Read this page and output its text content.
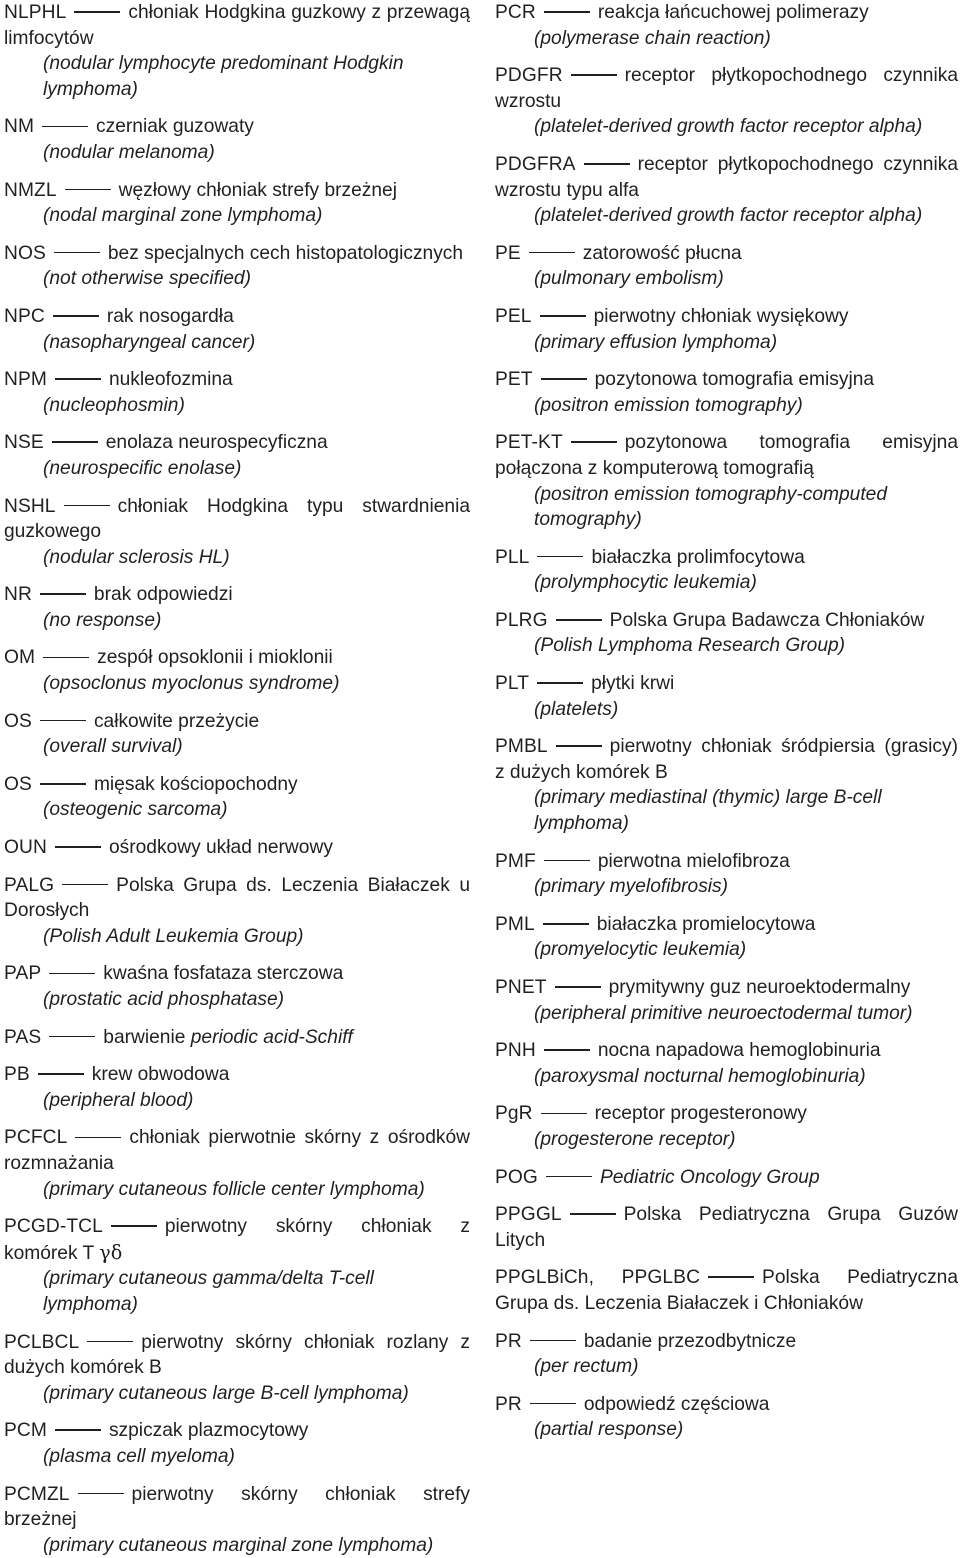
NLPHL	chłoniak Hodgkina guzkowy z przewagą limfocytów
(nodular lymphocyte predominant Hodgkin lymphoma)
NM	czerniak guzowaty
(nodular melanoma)
NMZL	węzłowy chłoniak strefy brzeżnej
(nodal marginal zone lymphoma)
NOS	bez specjalnych cech histopatologicznych
(not otherwise specified)
NPC	rak nosogardła
(nasopharyngeal cancer)
NPM	nukleofozmina
(nucleophosmin)
NSE	enolaza neurospecyficzna
(neurospecific enolase)
NSHL	chłoniak Hodgkina typu stwardnienia guzkowego
(nodular sclerosis HL)
NR	brak odpowiedzi
(no response)
OM	zespół opsoklonii i mioklonii
(opsoclonus myoclonus syndrome)
OS	całkowite przeżycie
(overall survival)
OS	mięsak kościopochodny
(osteogenic sarcoma)
OUN	ośrodkowy układ nerwowy
PALG	Polska Grupa ds. Leczenia Białaczek u Dorosłych
(Polish Adult Leukemia Group)
PAP	kwaśna fosfataza sterczowa
(prostatic acid phosphatase)
PAS	barwienie periodic acid-Schiff
PB	krew obwodowa
(peripheral blood)
PCFCL	chłoniak pierwotnie skórny z ośrodków rozmnażania
(primary cutaneous follicle center lymphoma)
PCGD-TCL	pierwotny skórny chłoniak z komórek T γδ
(primary cutaneous gamma/delta T-cell lymphoma)
PCLBCL	pierwotny skórny chłoniak rozlany z dużych komórek B
(primary cutaneous large B-cell lymphoma)
PCM	szpiczak plazmocytowy
(plasma cell myeloma)
PCMZL	pierwotny skórny chłoniak strefy brzeżnej
(primary cutaneous marginal zone lymphoma)
PCR	reakcja łańcuchowej polimerazy
(polymerase chain reaction)
PDGFR	receptor płytkopochodnego czynnika wzrostu
(platelet-derived growth factor receptor alpha)
PDGFRA	receptor płytkopochodnego czynnika wzrostu typu alfa
(platelet-derived growth factor receptor alpha)
PE	zatorowość płucna
(pulmonary embolism)
PEL	pierwotny chłoniak wysiękowy
(primary effusion lymphoma)
PET	pozytonowa tomografia emisyjna
(positron emission tomography)
PET-KT	pozytonowa tomografia emisyjna połączona z komputerową tomografią
(positron emission tomography-computed tomography)
PLL	białaczka prolimfocytowa
(prolymphocytic leukemia)
PLRG	Polska Grupa Badawcza Chłoniaków
(Polish Lymphoma Research Group)
PLT	płytki krwi
(platelets)
PMBL	pierwotny chłoniak śródpiersia (grasicy) z dużych komórek B
(primary mediastinal (thymic) large B-cell lymphoma)
PMF	pierwotna mielofibroza
(primary myelofibrosis)
PML	białaczka promielocytowa
(promyelocytic leukemia)
PNET	prymitywny guz neuroektodermalny
(peripheral primitive neuroectodermal tumor)
PNH	nocna napadowa hemoglobinuria
(paroxysmal nocturnal hemoglobinuria)
PgR	receptor progesteronowy
(progesterone receptor)
POG	Pediatric Oncology Group
PPGGL	Polska Pediatryczna Grupa Guzów Litych
PPGLBiCh, PPGLBC	Polska Pediatryczna Grupa ds. Leczenia Białaczek i Chłoniaków
PR	badanie przezodbytnicze
(per rectum)
PR	odpowiedź częściowa
(partial response)
